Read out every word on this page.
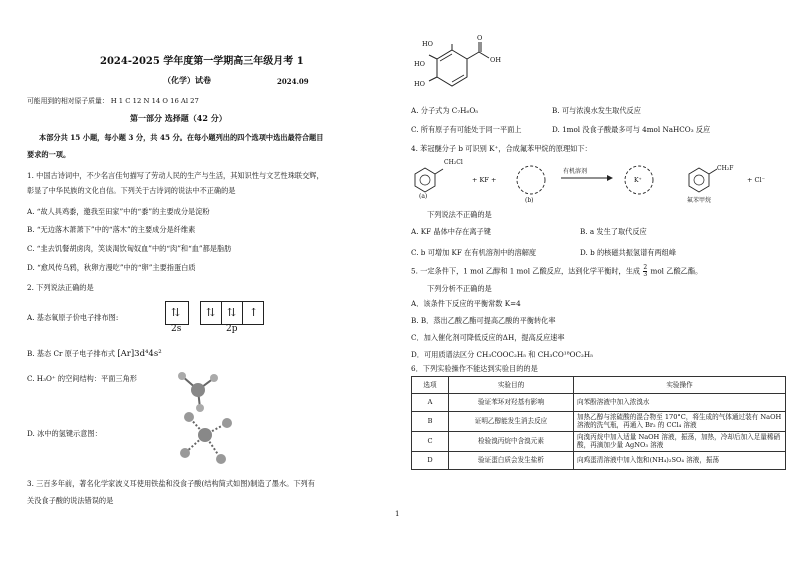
2024-2025 学年度第一学期高三年级月考 1
（化学）试卷	2024.09
可能用到的相对原子质量： H 1 C 12 N 14 O 16 Al 27
第一部分 选择题（42 分）
本部分共 15 小题，每小题 3 分，共 45 分。在每小题列出的四个选项中选出最符合题目
要求的一项。
1. 中国古诗词中，不少名言佳句描写了劳动人民的生产与生活，其知识性与文艺性珠联交辉，
彰显了中华民族的文化自信。下列关于古诗词的说法中不正确的是
A. “故人具鸡黍，邀我至田家”中的“黍”的主要成分是淀粉
B. “无边落木萧萧下”中的“落木”的主要成分是纤维素
C. “韭去饥餐胡虏肉，笑谈渴饮匈奴血”中的“肉”和“血”都是脂肪
D. “愈风传乌鸦，秋卵方漫吃”中的“卵”主要指蛋白质
2. 下列说法正确的是
A. 基态氧原子价电子排布图:	⇅ ⇅ ⇅ ↑
2s	2p
B. 基态 Cr 原子电子排布式 [Ar]3d⁴4s²
C. H₃O⁺ 的空间结构：平面三角形
D. 冰中的氢键示意图：
3. 三百多年前，著名化学家波义耳使用铁盐和没食子酸(结构简式如图)制造了墨水。下列有
关没食子酸的说法错误的是
1
HO
HO
HO
O
OH
A. 分子式为 C₇H₆O₅	B. 可与浓溴水发生取代反应
C. 所有原子有可能处于同一平面上	D. 1mol 没食子酸最多可与 4mol NaHCO₃ 反应
4. 苯冠醚分子 b 可识别 K⁺，合成氟苯甲烷的原理如下：
CH₂Cl
+ KF +
有机溶剂
K⁺
CH₂F
+ Cl⁻
(a)
(b)	氟苯甲烷
下列说法不正确的是
A. KF 晶体中存在离子键	B. a 发生了取代反应
C. b 可增加 KF 在有机溶剂中的溶解度	D. b 的核磁共振氢谱有两组峰
5. 一定条件下，1 mol 乙醇和 1 mol 乙酸反应，达到化学平衡时，生成 $\frac{2}{3}$ mol 乙酸乙酯。
下列分析不正确的是
A．该条件下反应的平衡常数 K=4
B. B．蒸出乙酸乙酯可提高乙酸的平衡转化率
C．加入催化剂可降低反应的ΔH，提高反应速率
D．可用质谱法区分 CH₃COOC₂H₅ 和 CH₃CO¹⁸OC₂H₅
6．下列实验操作不能达到实验目的的是
选项	实验目的	实验操作
A	验证苯环对羟基有影响	向苯酚溶液中加入浓溴水
B	证明乙醇能发生消去反应	加热乙醇与浓硫酸的混合物至 170°C，将生成的气体通过装有 NaOH 溶液的洗气瓶，再通入 Br₂ 的 CCl₄ 溶液
C	检验溴丙烷中含溴元素	向溴丙烷中加入适量 NaOH 溶液，振荡，加热，冷却后加入足量稀硝酸，再滴加少量 AgNO₃ 溶液
D	验证蛋白质会发生盐析	向鸡蛋清溶液中加入饱和(NH₄)₂SO₄ 溶液，振荡
